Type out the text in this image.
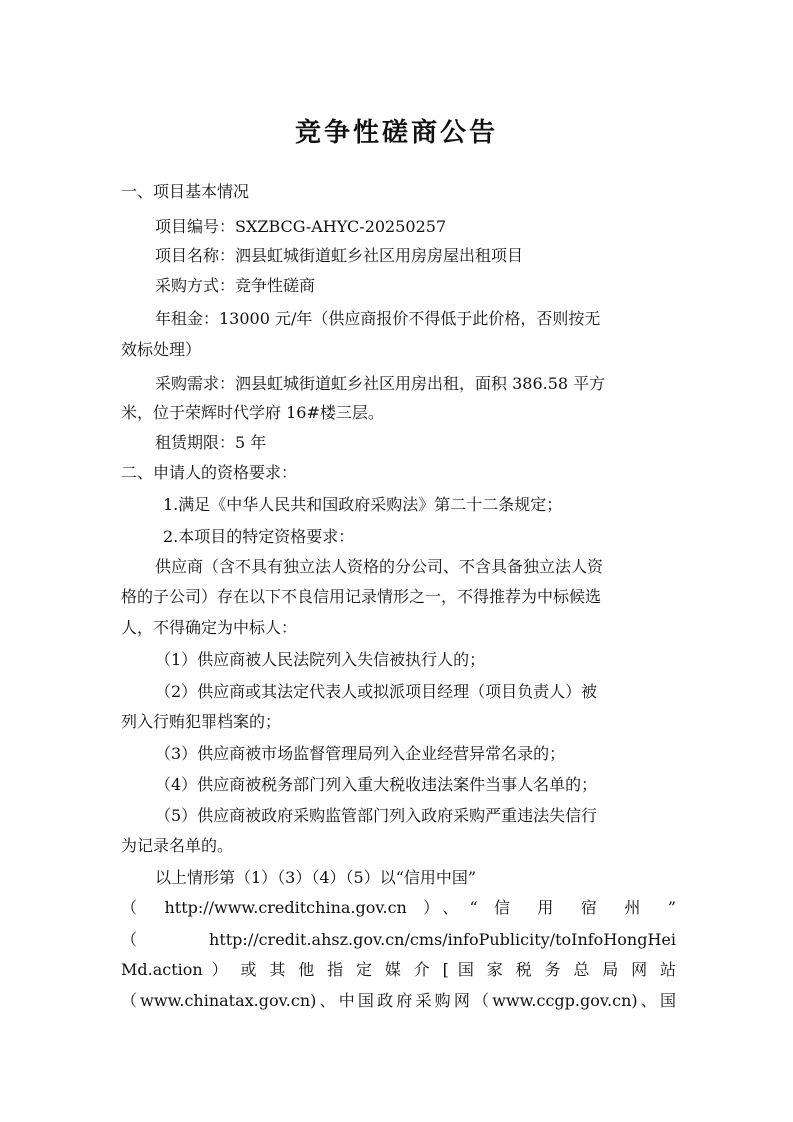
竞争性磋商公告

一、项目基本情况

项目编号：SXZBCG-AHYC-20250257

项目名称：泗县虹城街道虹乡社区用房房屋出租项目

采购方式：竞争性磋商

年租金：13000 元/年（供应商报价不得低于此价格，否则按无

效标处理）

采购需求：泗县虹城街道虹乡社区用房出租，面积 386.58 平方

米，位于荣辉时代学府 16#楼三层。

租赁期限：5 年

二、申请人的资格要求：

1.满足《中华人民共和国政府采购法》第二十二条规定；

2.本项目的特定资格要求：

供应商（含不具有独立法人资格的分公司、不含具备独立法人资

格的子公司）存在以下不良信用记录情形之一，不得推荐为中标候选

人，不得确定为中标人：

（1）供应商被人民法院列入失信被执行人的；

（2）供应商或其法定代表人或拟派项目经理（项目负责人）被

列入行贿犯罪档案的；

（3）供应商被市场监督管理局列入企业经营异常名录的；

（4）供应商被税务部门列入重大税收违法案件当事人名单的；

（5）供应商被政府采购监管部门列入政府采购严重违法失信行

为记录名单的。

以上情形第（1）（3）（4）（5）以“信用中国”

（ http://www.creditchina.gov.cn ）、“ 信 用 宿 州 ”

（http://credit.ahsz.gov.cn/cms/infoPublicity/toInfoHongHei

Md.action ） 或 其 他 指 定 媒 介 [ 国 家 税 务 总 局 网 站

（www.chinatax.gov.cn)、中国政府采购网（www.ccgp.gov.cn)、国
